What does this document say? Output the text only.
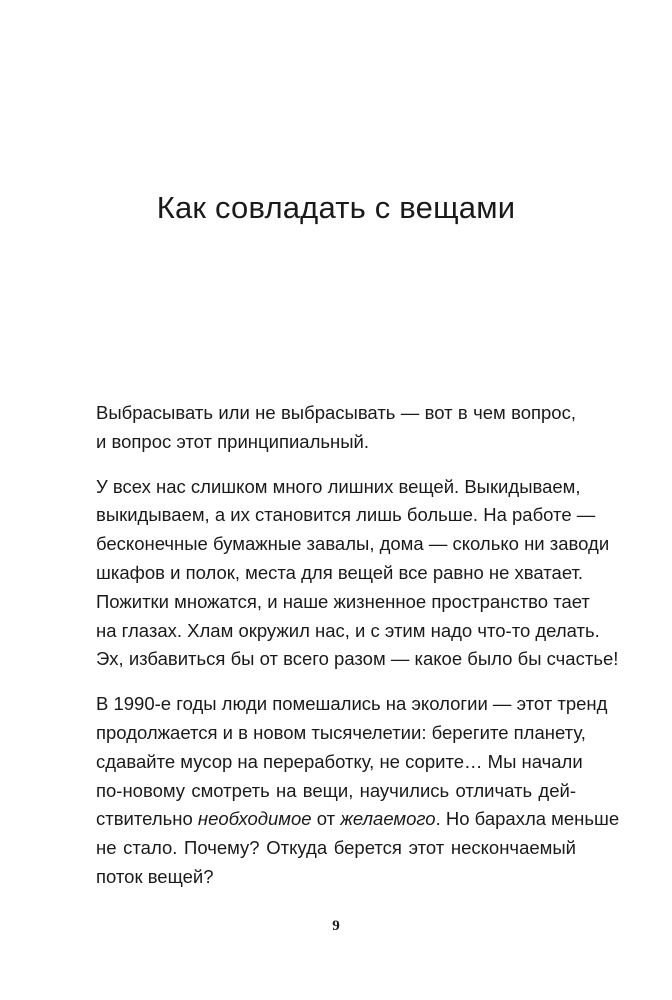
Как совладать с вещами

Выбрасывать или не выбрасывать — вот в чем вопрос,
и вопрос этот принципиальный.

У всех нас слишком много лишних вещей. Выкидываем,
выкидываем, а их становится лишь больше. На работе —
бесконечные бумажные завалы, дома — сколько ни заводи
шкафов и полок, места для вещей все равно не хватает.
Пожитки множатся, и наше жизненное пространство тает
на глазах. Хлам окружил нас, и с этим надо что-то делать.
Эх, избавиться бы от всего разом — какое было бы счастье!

В 1990-е годы люди помешались на экологии — этот тренд
продолжается и в новом тысячелетии: берегите планету,
сдавайте мусор на переработку, не сорите… Мы начали
по-новому смотреть на вещи, научились отличать дей-
ствительно необходимое от желаемого. Но барахла меньше
не стало. Почему? Откуда берется этот нескончаемый
поток вещей?

9
